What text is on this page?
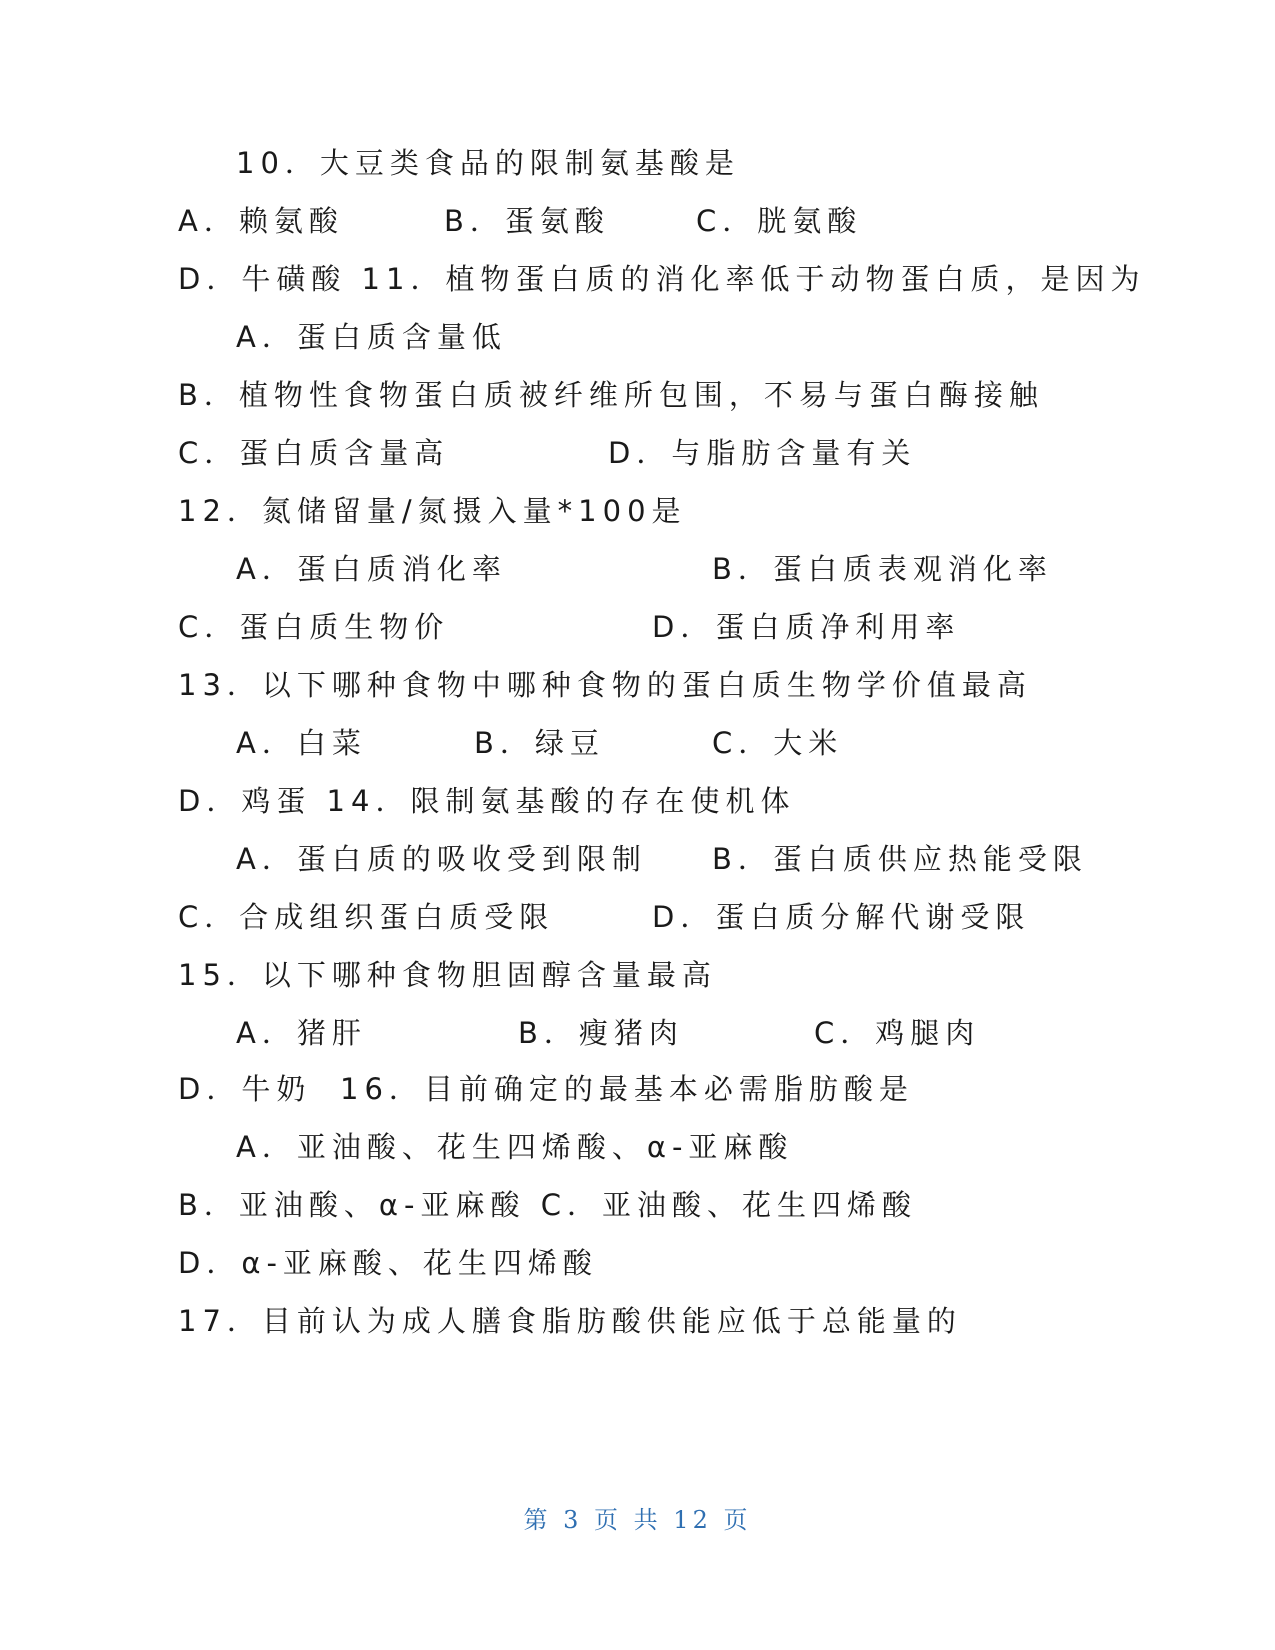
10．大豆类食品的限制氨基酸是
A．赖氨酸	B．蛋氨酸	C．胱氨酸
D．牛磺酸 11．植物蛋白质的消化率低于动物蛋白质，是因为
A．蛋白质含量低
B．植物性食物蛋白质被纤维所包围，不易与蛋白酶接触
C．蛋白质含量高	D．与脂肪含量有关
12．氮储留量/氮摄入量*100是
A．蛋白质消化率	B．蛋白质表观消化率
C．蛋白质生物价	D．蛋白质净利用率
13．以下哪种食物中哪种食物的蛋白质生物学价值最高
A．白菜	B．绿豆	C．大米
D．鸡蛋 14．限制氨基酸的存在使机体
A．蛋白质的吸收受到限制 B．蛋白质供应热能受限
C．合成组织蛋白质受限	D．蛋白质分解代谢受限
15．以下哪种食物胆固醇含量最高
A．猪肝	B．瘦猪肉	C．鸡腿肉
D．牛奶 16．目前确定的最基本必需脂肪酸是
A．亚油酸、花生四烯酸、α-亚麻酸
B．亚油酸、α-亚麻酸 C．亚油酸、花生四烯酸
D．α-亚麻酸、花生四烯酸
17．目前认为成人膳食脂肪酸供能应低于总能量的
第 3 页 共 12 页
